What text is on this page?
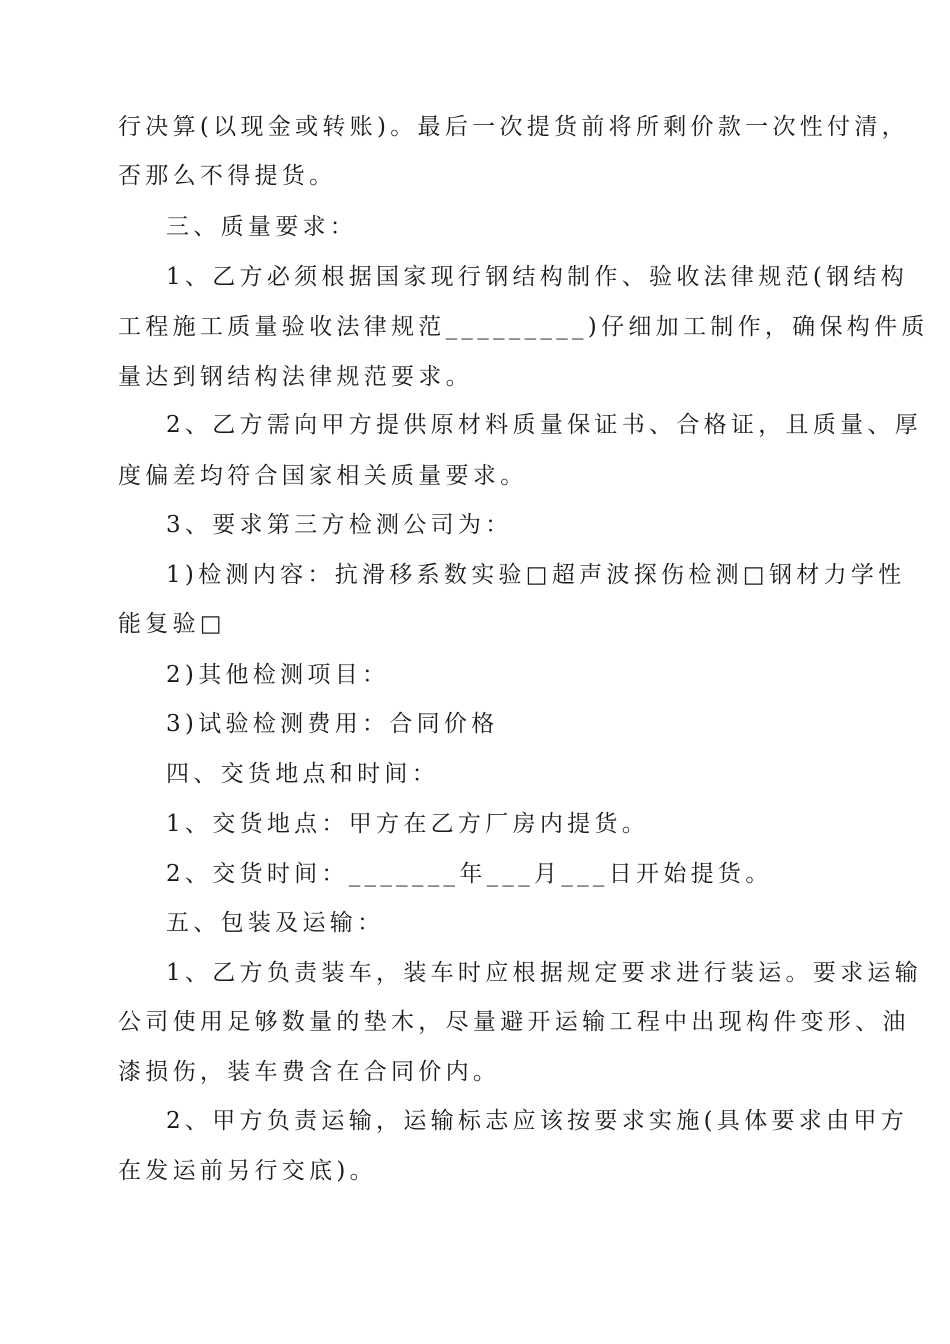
行决算(以现金或转账)。最后一次提货前将所剩价款一次性付清，
否那么不得提货。
三、质量要求：
1、乙方必须根据国家现行钢结构制作、验收法律规范(钢结构
工程施工质量验收法律规范_________)仔细加工制作，确保构件质
量达到钢结构法律规范要求。
2、乙方需向甲方提供原材料质量保证书、合格证，且质量、厚
度偏差均符合国家相关质量要求。
3、要求第三方检测公司为：
1)检测内容：抗滑移系数实验□超声波探伤检测□钢材力学性
能复验□
2)其他检测项目：
3)试验检测费用：合同价格
四、交货地点和时间：
1、交货地点：甲方在乙方厂房内提货。
2、交货时间：_______年___月___日开始提货。
五、包装及运输：
1、乙方负责装车，装车时应根据规定要求进行装运。要求运输
公司使用足够数量的垫木，尽量避开运输工程中出现构件变形、油
漆损伤，装车费含在合同价内。
2、甲方负责运输，运输标志应该按要求实施(具体要求由甲方
在发运前另行交底)。
